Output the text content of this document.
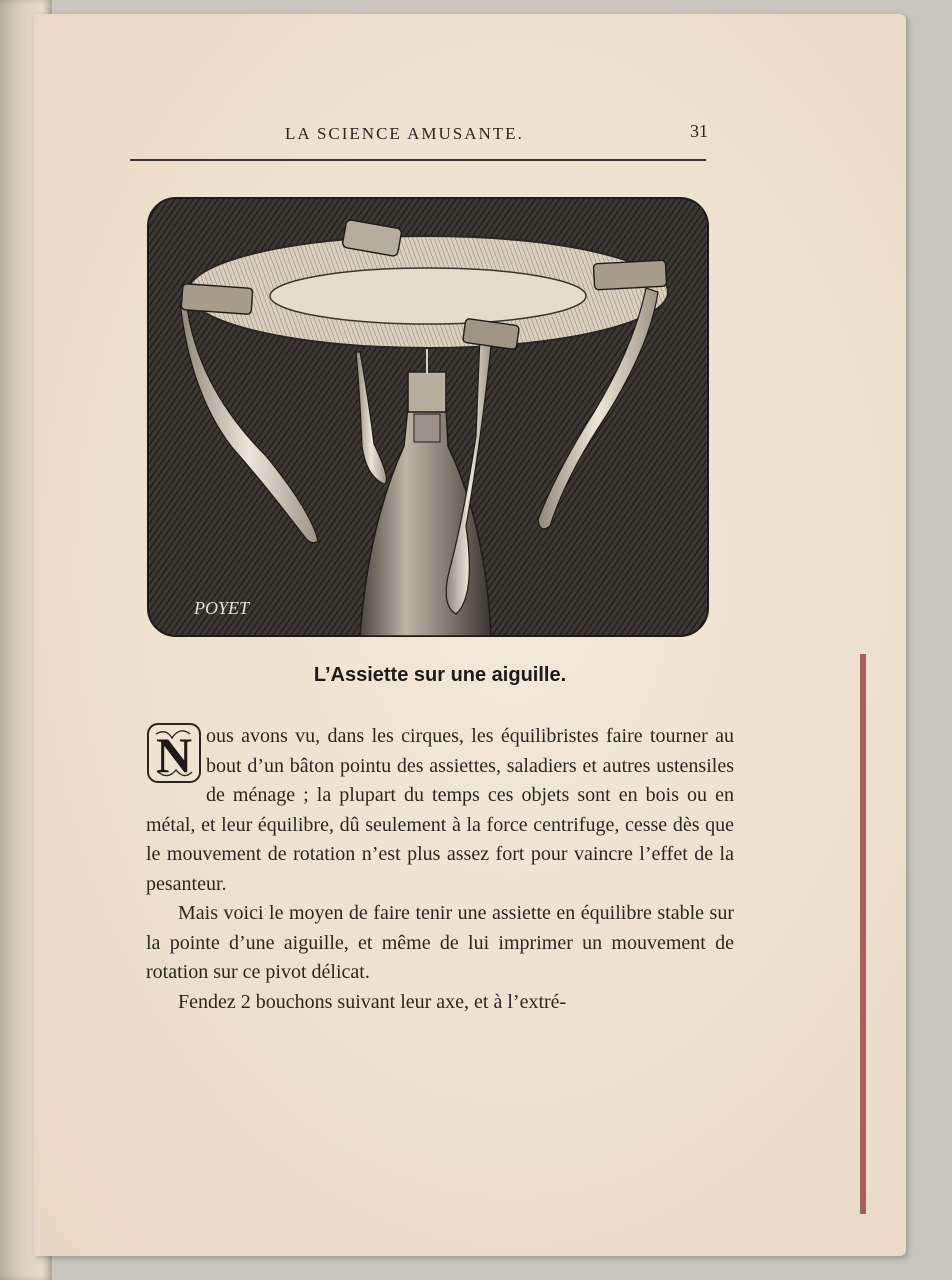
LA SCIENCE AMUSANTE.	31
POYET
L’Assiette sur une aiguille.

N ous avons vu, dans les cirques, les équilibristes faire tourner au bout d’un bâton pointu des assiettes, saladiers et autres ustensiles de ménage ; la plupart du temps ces objets sont en bois ou en métal, et leur équilibre, dû seulement à la force centrifuge, cesse dès que le mouvement de rotation n’est plus assez fort pour vaincre l’effet de la pesanteur.

Mais voici le moyen de faire tenir une assiette en équilibre stable sur la pointe d’une aiguille, et même de lui imprimer un mouvement de rotation sur ce pivot délicat.

Fendez 2 bouchons suivant leur axe, et à l’extré-
